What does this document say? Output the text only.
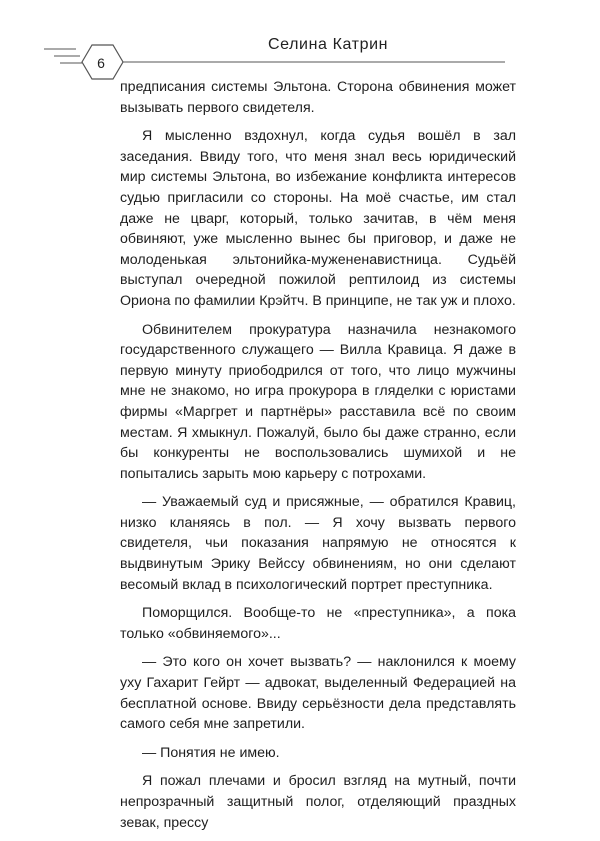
6
Селина Катрин

предписания системы Эльтона. Сторона обвинения может вызывать первого свидетеля.

Я мысленно вздохнул, когда судья вошёл в зал заседания. Ввиду того, что меня знал весь юридический мир системы Эльтона, во избежание конфликта интересов судью пригласили со стороны. На моё счастье, им стал даже не цварг, который, только зачитав, в чём меня обвиняют, уже мысленно вынес бы приговор, и даже не молоденькая эльтонийка-мужененавистница. Судьёй выступал очередной пожилой рептилоид из системы Ориона по фамилии Крэйтч. В принципе, не так уж и плохо.

Обвинителем прокуратура назначила незнакомого государственного служащего — Вилла Кравица. Я даже в первую минуту приободрился от того, что лицо мужчины мне не знакомо, но игра прокурора в гляделки с юристами фирмы «Маргрет и партнёры» расставила всё по своим местам. Я хмыкнул. Пожалуй, было бы даже странно, если бы конкуренты не воспользовались шумихой и не попытались зарыть мою карьеру с потрохами.

— Уважаемый суд и присяжные, — обратился Кравиц, низко кланяясь в пол. — Я хочу вызвать первого свидетеля, чьи показания напрямую не относятся к выдвинутым Эрику Вейссу обвинениям, но они сделают весомый вклад в психологический портрет преступника.

Поморщился. Вообще-то не «преступника», а пока только «обвиняемого»...

— Это кого он хочет вызвать? — наклонился к моему уху Гахарит Гейрт — адвокат, выделенный Федерацией на бесплатной основе. Ввиду серьёзности дела представлять самого себя мне запретили.

— Понятия не имею.

Я пожал плечами и бросил взгляд на мутный, почти непрозрачный защитный полог, отделяющий праздных зевак, прессу
